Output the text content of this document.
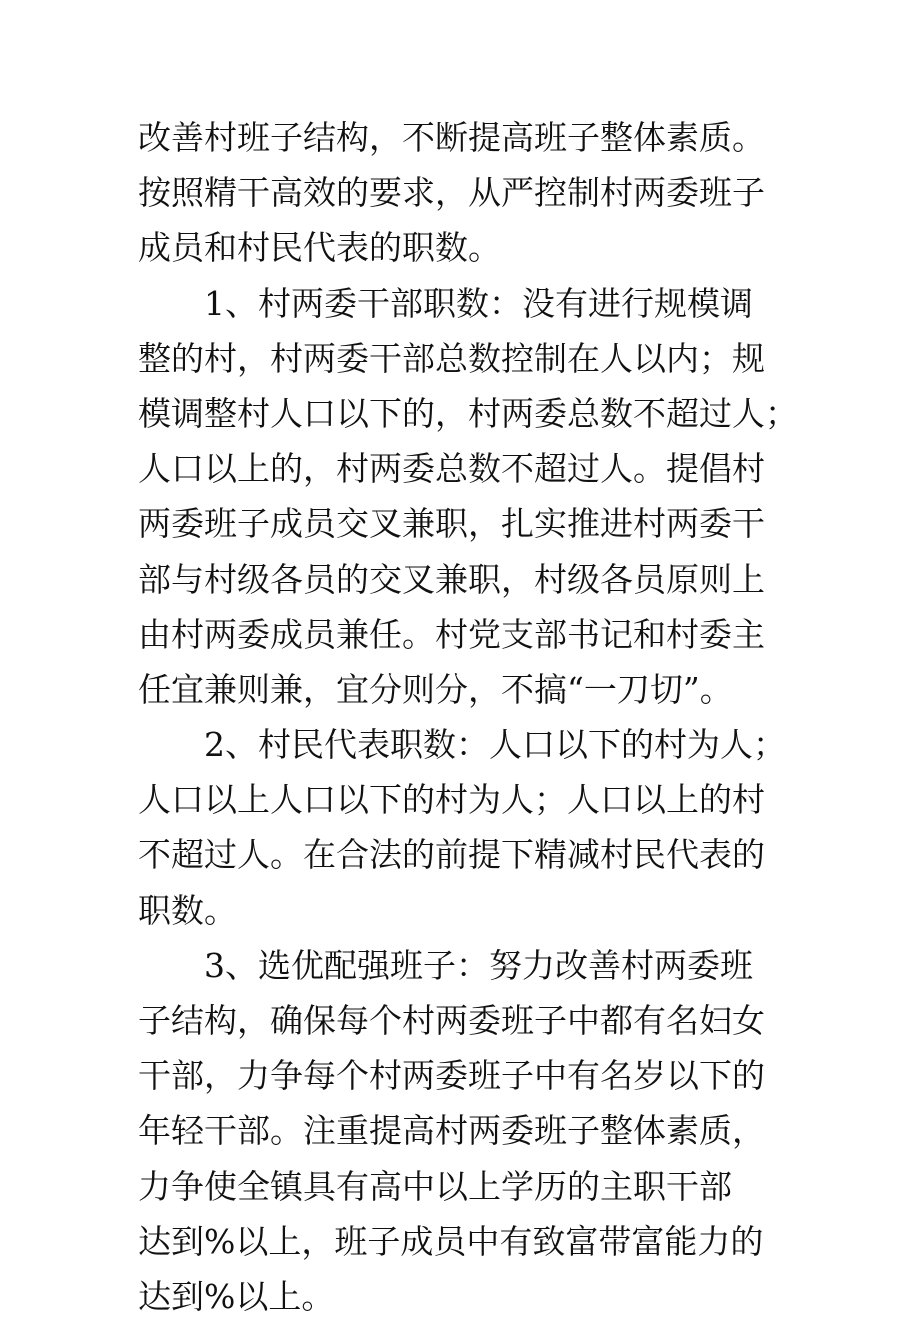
改善村班子结构，不断提高班子整体素质。
按照精干高效的要求，从严控制村两委班子
成员和村民代表的职数。
1、村两委干部职数：没有进行规模调
整的村，村两委干部总数控制在人以内；规
模调整村人口以下的，村两委总数不超过人；
人口以上的，村两委总数不超过人。提倡村
两委班子成员交叉兼职，扎实推进村两委干
部与村级各员的交叉兼职，村级各员原则上
由村两委成员兼任。村党支部书记和村委主
任宜兼则兼，宜分则分，不搞“一刀切”。
2、村民代表职数：人口以下的村为人；
人口以上人口以下的村为人；人口以上的村
不超过人。在合法的前提下精减村民代表的
职数。
3、选优配强班子：努力改善村两委班
子结构，确保每个村两委班子中都有名妇女
干部，力争每个村两委班子中有名岁以下的
年轻干部。注重提高村两委班子整体素质，
力争使全镇具有高中以上学历的主职干部
达到%以上，班子成员中有致富带富能力的
达到%以上。
